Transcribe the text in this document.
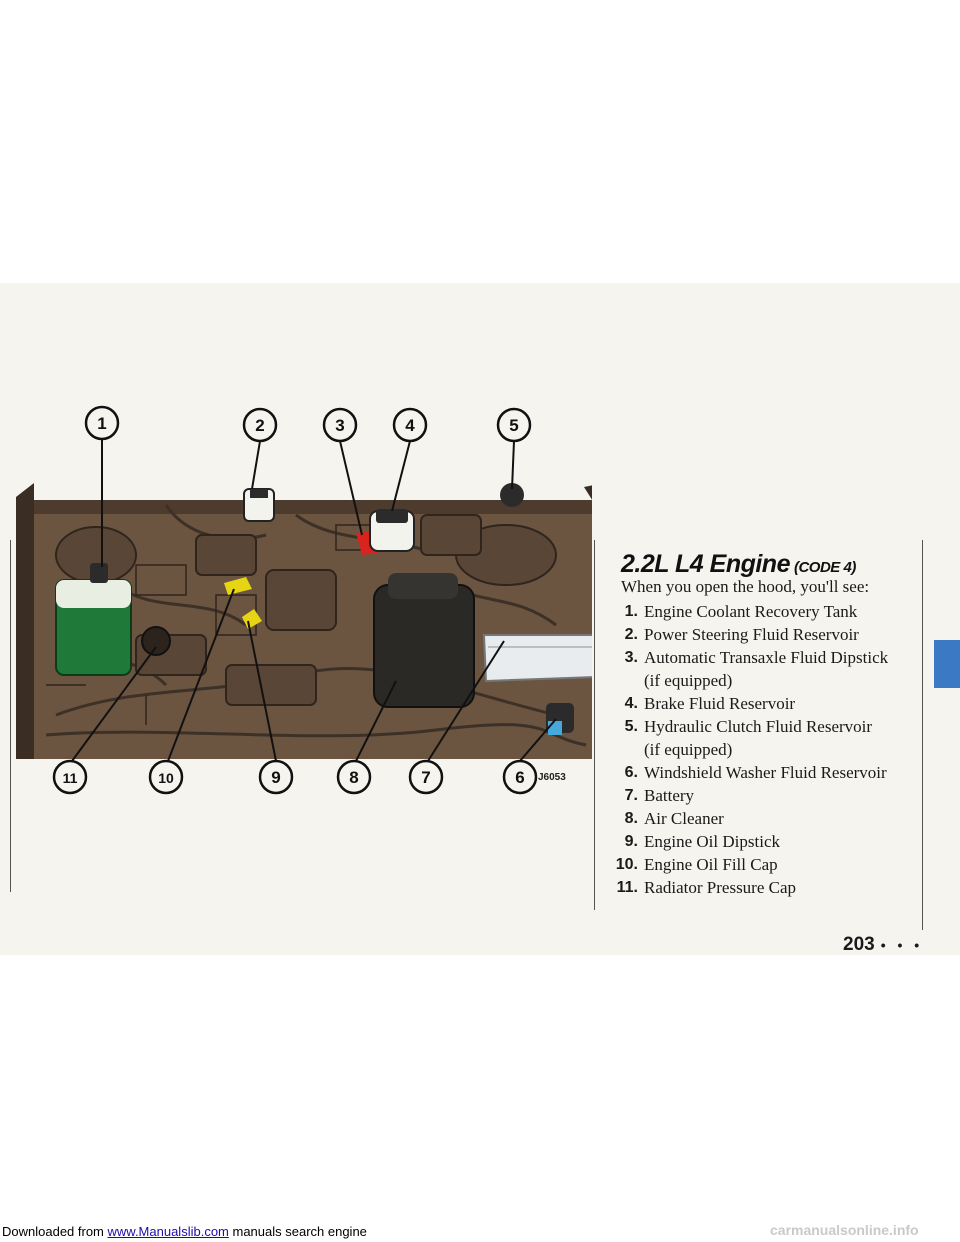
J6053
1	2	3	4	5
11	10	9	8	7	6
2.2L L4 Engine (CODE 4)
When you open the hood, you'll see:
1. Engine Coolant Recovery Tank
2. Power Steering Fluid Reservoir
3. Automatic Transaxle Fluid Dipstick
(if equipped)
4. Brake Fluid Reservoir
5. Hydraulic Clutch Fluid Reservoir
(if equipped)
6. Windshield Washer Fluid Reservoir
7. Battery
8. Air Cleaner
9. Engine Oil Dipstick
10. Engine Oil Fill Cap
11. Radiator Pressure Cap
203 • • •
Downloaded from www.Manualslib.com manuals search engine	carmanualsonline.info
